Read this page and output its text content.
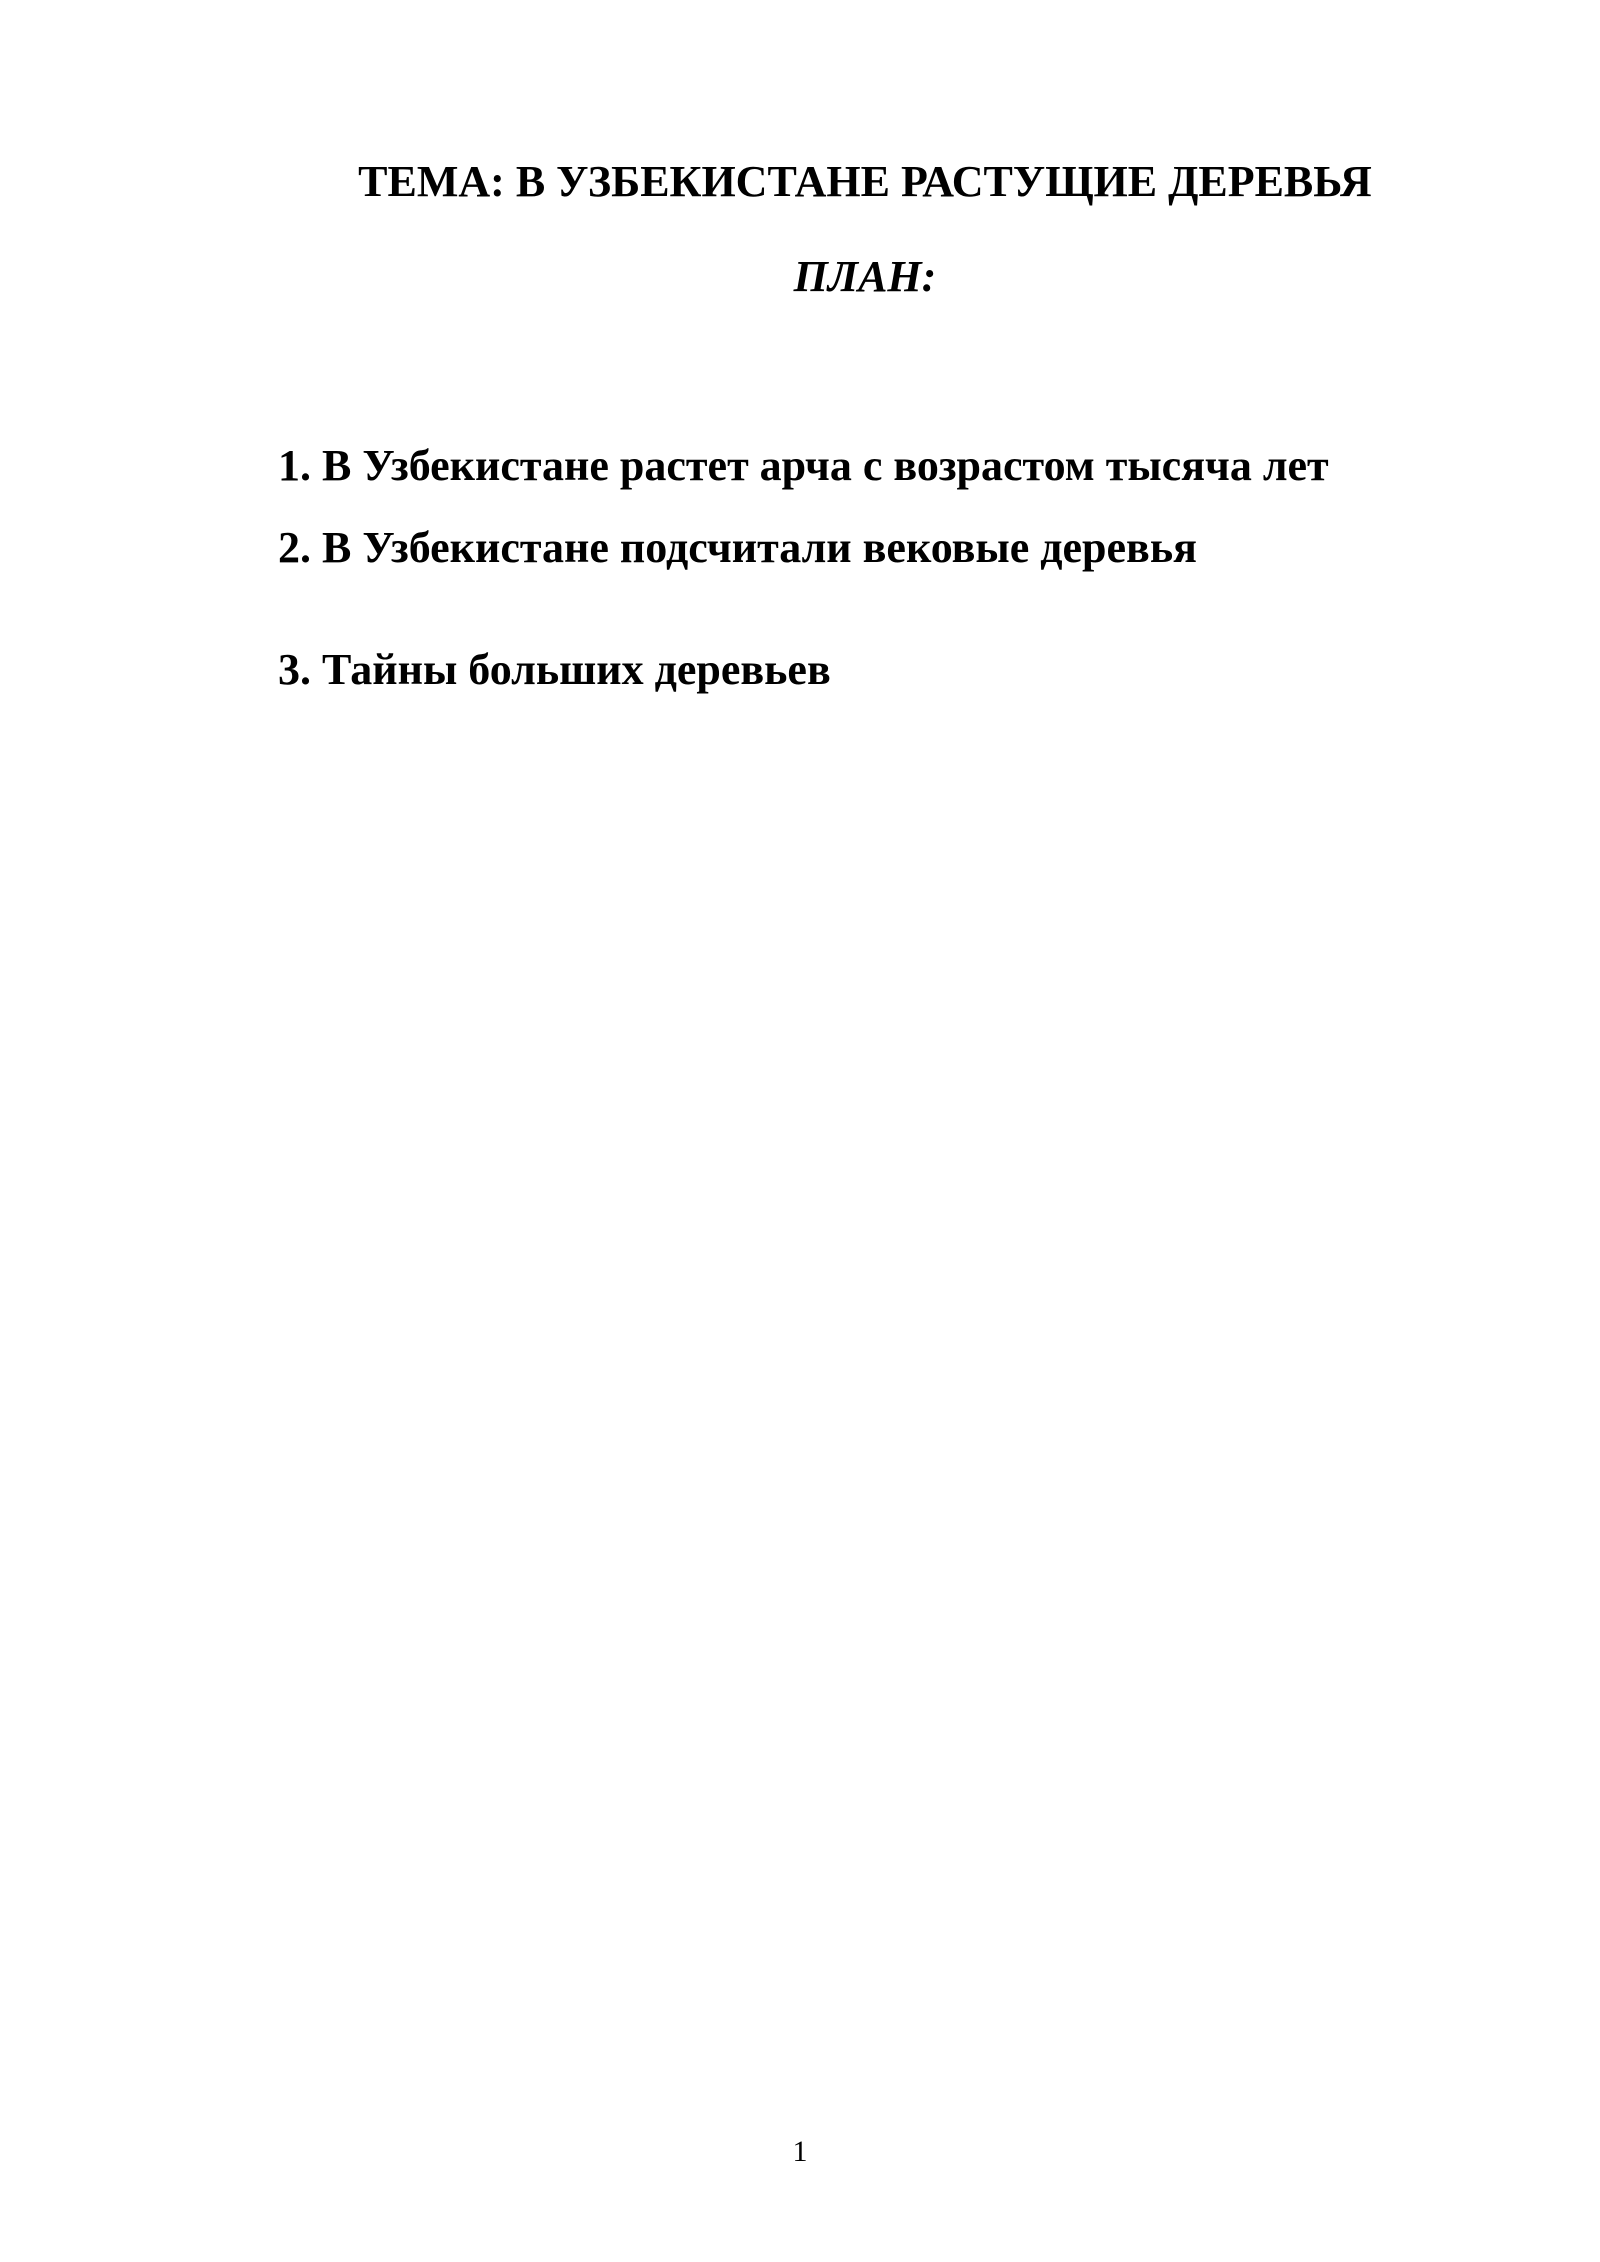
ТЕМА: В УЗБЕКИСТАНЕ РАСТУЩИЕ ДЕРЕВЬЯ
ПЛАН:
1. В Узбекистане растет арча с возрастом тысяча лет
2. В Узбекистане подсчитали вековые деревья
3. Тайны больших деревьев
1
